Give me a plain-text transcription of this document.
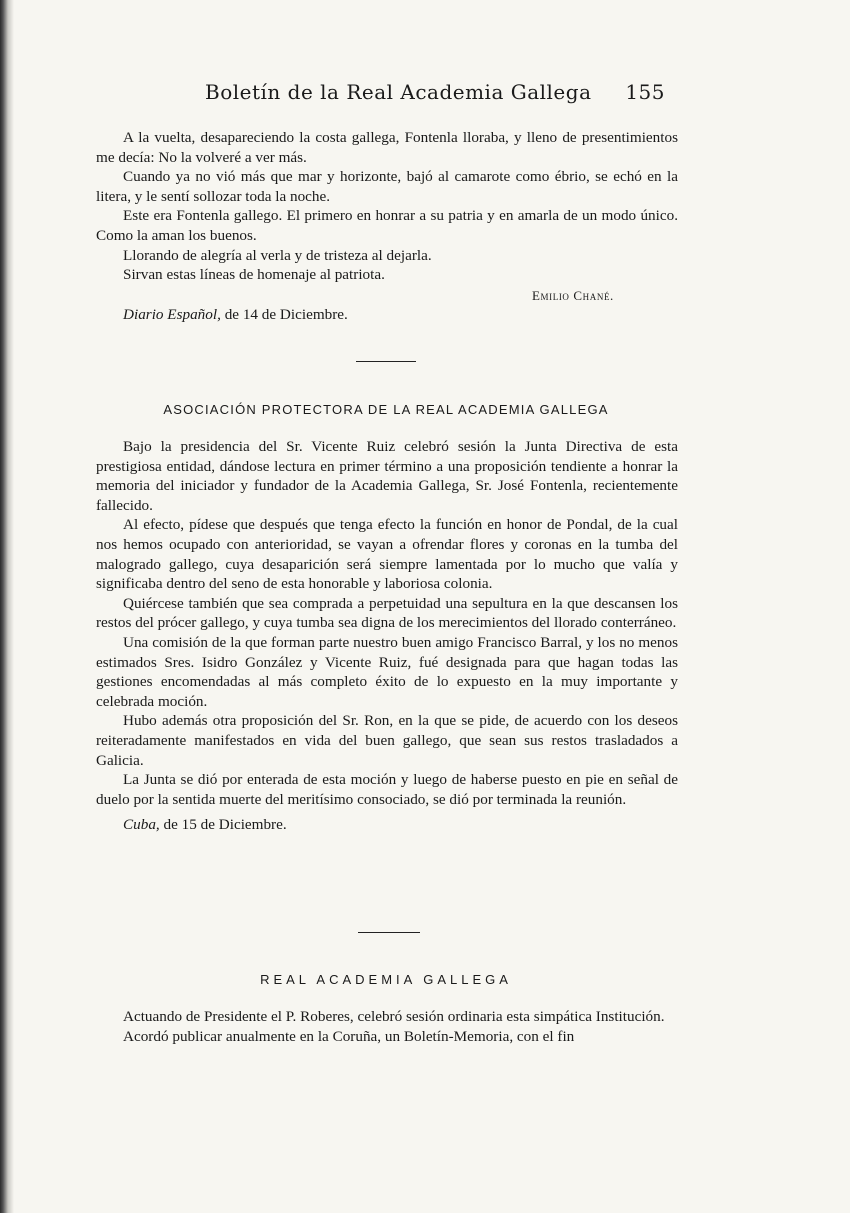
Boletín de la Real Academia Gallega 155

A la vuelta, desapareciendo la costa gallega, Fontenla lloraba, y lleno de presentimientos me decía: No la volveré a ver más.

Cuando ya no vió más que mar y horizonte, bajó al camarote como ébrio, se echó en la litera, y le sentí sollozar toda la noche.

Este era Fontenla gallego. El primero en honrar a su patria y en amarla de un modo único. Como la aman los buenos.

Llorando de alegría al verla y de tristeza al dejarla.

Sirvan estas líneas de homenaje al patriota.

Emilio Chané.

Diario Español, de 14 de Diciembre.

ASOCIACIÓN PROTECTORA DE LA REAL ACADEMIA GALLEGA

Bajo la presidencia del Sr. Vicente Ruiz celebró sesión la Junta Directiva de esta prestigiosa entidad, dándose lectura en primer término a una proposición tendiente a honrar la memoria del iniciador y fundador de la Academia Gallega, Sr. José Fontenla, recientemente fallecido.

Al efecto, pídese que después que tenga efecto la función en honor de Pondal, de la cual nos hemos ocupado con anterioridad, se vayan a ofrendar flores y coronas en la tumba del malogrado gallego, cuya desaparición será siempre lamentada por lo mucho que valía y significaba dentro del seno de esta honorable y laboriosa colonia.

Quiércese también que sea comprada a perpetuidad una sepultura en la que descansen los restos del prócer gallego, y cuya tumba sea digna de los merecimientos del llorado conterráneo.

Una comisión de la que forman parte nuestro buen amigo Francisco Barral, y los no menos estimados Sres. Isidro González y Vicente Ruiz, fué designada para que hagan todas las gestiones encomendadas al más completo éxito de lo expuesto en la muy importante y celebrada moción.

Hubo además otra proposición del Sr. Ron, en la que se pide, de acuerdo con los deseos reiteradamente manifestados en vida del buen gallego, que sean sus restos trasladados a Galicia.

La Junta se dió por enterada de esta moción y luego de haberse puesto en pie en señal de duelo por la sentida muerte del meritísimo consociado, se dió por terminada la reunión.

Cuba, de 15 de Diciembre.

REAL ACADEMIA GALLEGA

Actuando de Presidente el P. Roberes, celebró sesión ordinaria esta simpática Institución.

Acordó publicar anualmente en la Coruña, un Boletín-Memoria, con el fin
